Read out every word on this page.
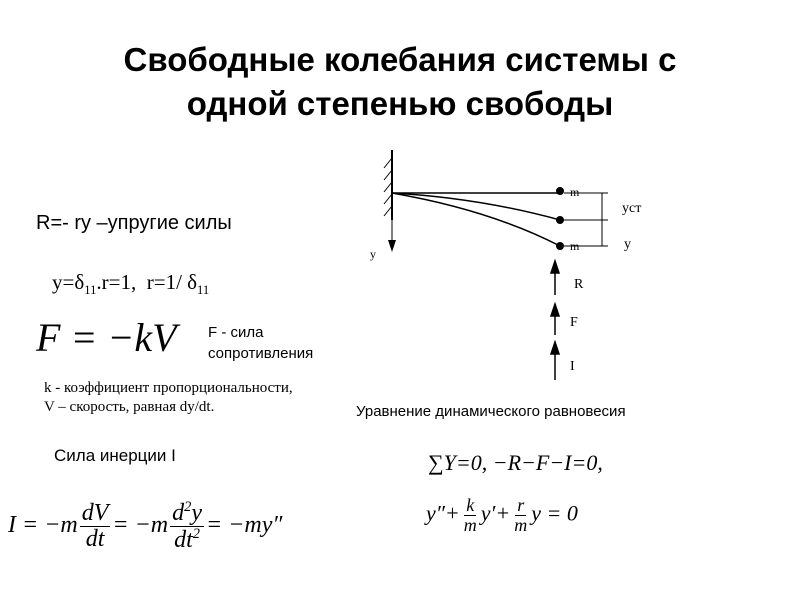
Свободные колебания системы с
одной степенью свободы
R=- ry –упругие силы
$y=\delta_{11}.r=1$,  r=1/ $\delta_{11}$
F = −kV F - сила
сопротивления
k - коэффициент пропорциональности,
V – скорость, равная dy/dt.
Сила инерции I
$I = -m \frac{dV}{dt} = -m \frac{d^2y}{dt^2} = -my''$
m
m
yст
y
y
R
F
I
Уравнение динамического равновесия
∑Y=0, −R−F−I=0,
$y''+ \frac{k}{m} y'+ \frac{r}{m}$ y = 0
